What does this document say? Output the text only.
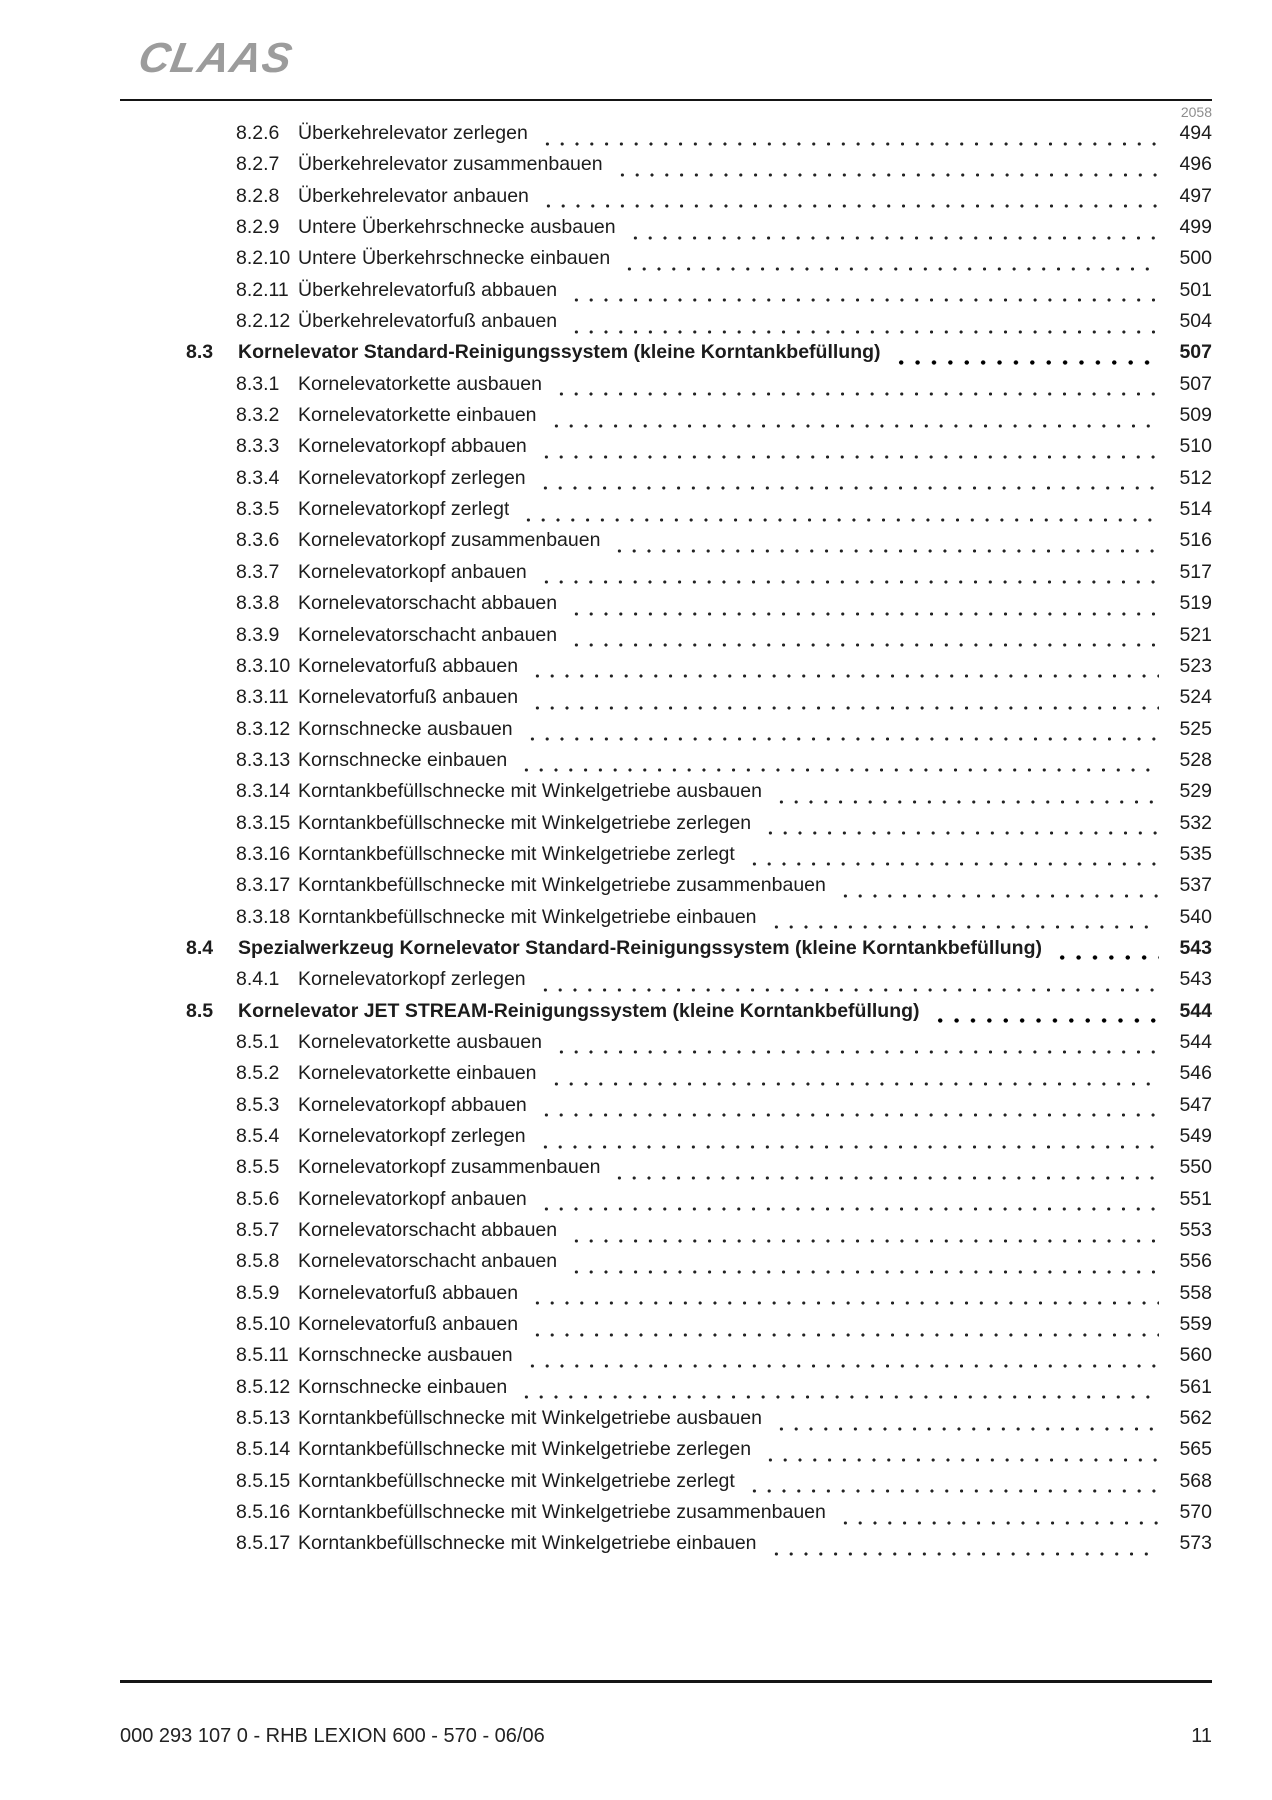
CLAAS
2058
8.2.6 Überkehrelevator zerlegen	494
8.2.7 Überkehrelevator zusammenbauen	496
8.2.8 Überkehrelevator anbauen	497
8.2.9 Untere Überkehrschnecke ausbauen	499
8.2.10 Untere Überkehrschnecke einbauen	500
8.2.11 Überkehrelevatorfuß abbauen	501
8.2.12 Überkehrelevatorfuß anbauen	504
8.3	Kornelevator Standard-Reinigungssystem (kleine Korntankbefüllung)	507
8.3.1 Kornelevatorkette ausbauen	507
8.3.2 Kornelevatorkette einbauen	509
8.3.3 Kornelevatorkopf abbauen	510
8.3.4 Kornelevatorkopf zerlegen	512
8.3.5 Kornelevatorkopf zerlegt	514
8.3.6 Kornelevatorkopf zusammenbauen	516
8.3.7 Kornelevatorkopf anbauen	517
8.3.8 Kornelevatorschacht abbauen	519
8.3.9 Kornelevatorschacht anbauen	521
8.3.10 Kornelevatorfuß abbauen	523
8.3.11 Kornelevatorfuß anbauen	524
8.3.12 Kornschnecke ausbauen	525
8.3.13 Kornschnecke einbauen	528
8.3.14 Korntankbefüllschnecke mit Winkelgetriebe ausbauen	529
8.3.15 Korntankbefüllschnecke mit Winkelgetriebe zerlegen	532
8.3.16 Korntankbefüllschnecke mit Winkelgetriebe zerlegt	535
8.3.17 Korntankbefüllschnecke mit Winkelgetriebe zusammenbauen	537
8.3.18 Korntankbefüllschnecke mit Winkelgetriebe einbauen	540
8.4	Spezialwerkzeug Kornelevator Standard-Reinigungssystem (kleine Korntankbefüllung)	543
8.4.1 Kornelevatorkopf zerlegen	543
8.5	Kornelevator JET STREAM-Reinigungssystem (kleine Korntankbefüllung)	544
8.5.1 Kornelevatorkette ausbauen	544
8.5.2 Kornelevatorkette einbauen	546
8.5.3 Kornelevatorkopf abbauen	547
8.5.4 Kornelevatorkopf zerlegen	549
8.5.5 Kornelevatorkopf zusammenbauen	550
8.5.6 Kornelevatorkopf anbauen	551
8.5.7 Kornelevatorschacht abbauen	553
8.5.8 Kornelevatorschacht anbauen	556
8.5.9 Kornelevatorfuß abbauen	558
8.5.10 Kornelevatorfuß anbauen	559
8.5.11 Kornschnecke ausbauen	560
8.5.12 Kornschnecke einbauen	561
8.5.13 Korntankbefüllschnecke mit Winkelgetriebe ausbauen	562
8.5.14 Korntankbefüllschnecke mit Winkelgetriebe zerlegen	565
8.5.15 Korntankbefüllschnecke mit Winkelgetriebe zerlegt	568
8.5.16 Korntankbefüllschnecke mit Winkelgetriebe zusammenbauen	570
8.5.17 Korntankbefüllschnecke mit Winkelgetriebe einbauen	573
000 293 107 0 - RHB LEXION 600 - 570 - 06/06	11
